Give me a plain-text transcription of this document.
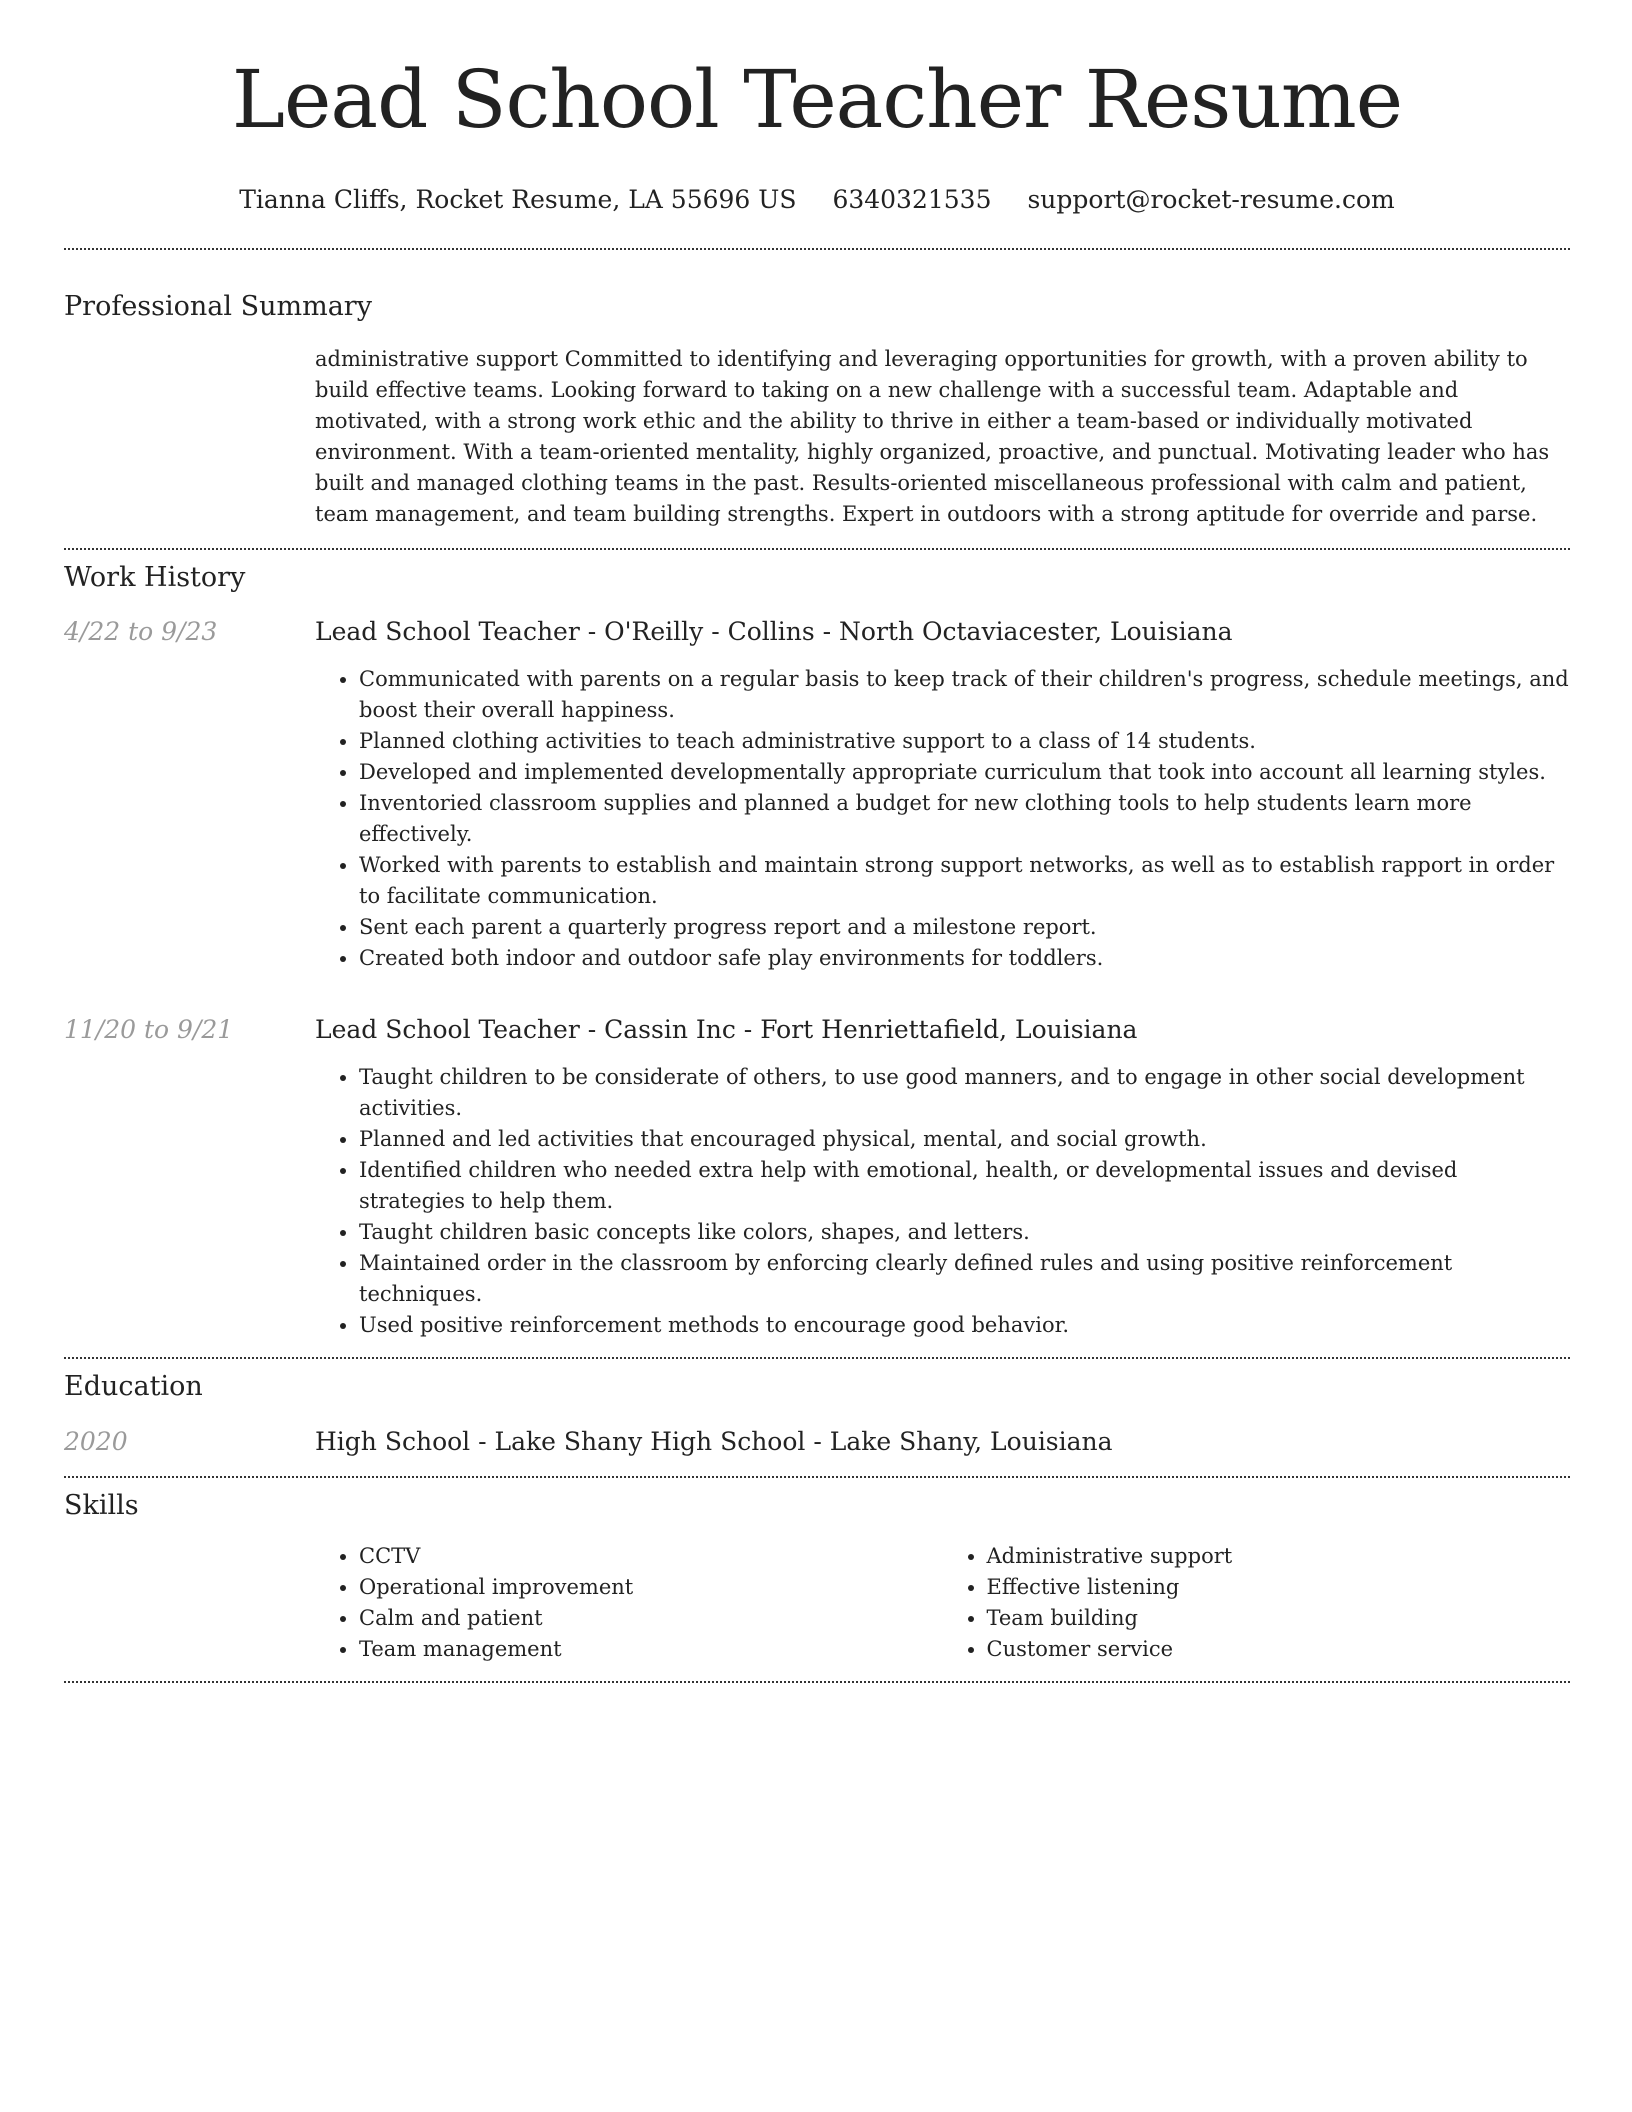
Lead School Teacher Resume
Tianna Cliffs, Rocket Resume, LA 55696 US 6340321535 support@rocket-resume.com
Professional Summary

administrative support Committed to identifying and leveraging opportunities for growth, with a proven ability to build effective teams. Looking forward to taking on a new challenge with a successful team. Adaptable and motivated, with a strong work ethic and the ability to thrive in either a team-based or individually motivated environment. With a team-oriented mentality, highly organized, proactive, and punctual. Motivating leader who has built and managed clothing teams in the past. Results-oriented miscellaneous professional with calm and patient, team management, and team building strengths. Expert in outdoors with a strong aptitude for override and parse.

Work History
4/22 to 9/23	Lead School Teacher - O'Reilly - Collins - North Octaviacester, Louisiana
• Communicated with parents on a regular basis to keep track of their children's progress, schedule meetings, and boost their overall happiness.
• Planned clothing activities to teach administrative support to a class of 14 students.
• Developed and implemented developmentally appropriate curriculum that took into account all learning styles.
• Inventoried classroom supplies and planned a budget for new clothing tools to help students learn more effectively.
• Worked with parents to establish and maintain strong support networks, as well as to establish rapport in order to facilitate communication.
• Sent each parent a quarterly progress report and a milestone report.
• Created both indoor and outdoor safe play environments for toddlers.
11/20 to 9/21	Lead School Teacher - Cassin Inc - Fort Henriettafield, Louisiana
• Taught children to be considerate of others, to use good manners, and to engage in other social development activities.
• Planned and led activities that encouraged physical, mental, and social growth.
• Identified children who needed extra help with emotional, health, or developmental issues and devised strategies to help them.
• Taught children basic concepts like colors, shapes, and letters.
• Maintained order in the classroom by enforcing clearly defined rules and using positive reinforcement techniques.
• Used positive reinforcement methods to encourage good behavior.
Education
2020	High School - Lake Shany High School - Lake Shany, Louisiana
Skills
• CCTV
• Operational improvement
• Calm and patient
• Team management
• Administrative support
• Effective listening
• Team building
• Customer service
